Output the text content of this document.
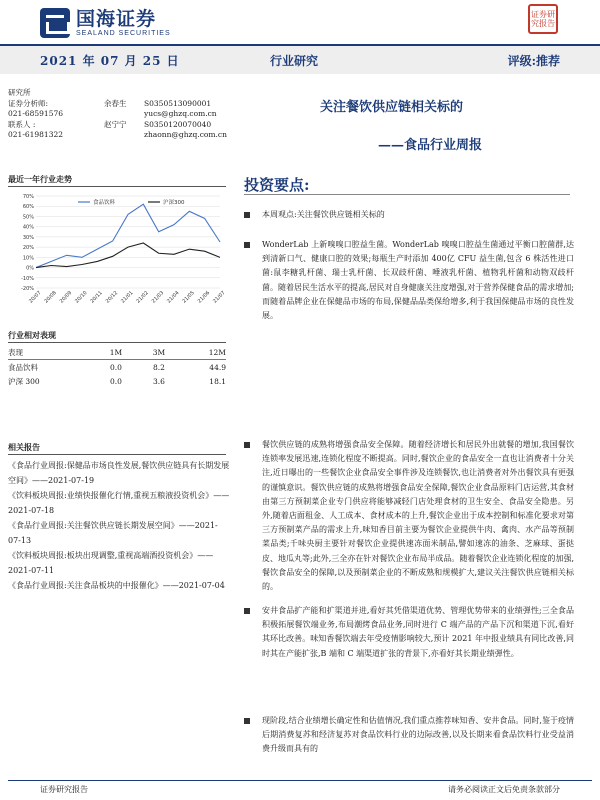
国海证券
SEALAND SECURITIES
证券研究报告
2021 年 07 月 25 日	行业研究	评级:推荐
研究所
证券分析师:	余春生	S0350513090001
021-68591576	yucs@ghzq.com.cn
联系人 :	赵宁宁	S0350120070040
021-61981322	zhaonn@ghzq.com.cn
关注餐饮供应链相关标的
——食品行业周报
最近一年行业走势
70%
60%
50%
40%
30%
20%
10%
0%
-10%
-20%
20/07 20/08 20/09 20/10 20/11 20/12 21/01 21/02 21/03 21/04 21/05 21/06 21/07
食品饮料	沪深300
行业相对表现
表现	1M	3M	12M
食品饮料	0.0	8.2	44.9
沪深 300	0.0	3.6	18.1
相关报告
《食品行业周报:保健品市场良性发展,餐饮供应链具有长期发展空间》——2021-07-19
《饮料板块周报:业绩快报催化行情,重视五粮液投资机会》——2021-07-18
《食品行业周报:关注餐饮供应链长期发展空间》——2021-07-13
《饮料板块周报:板块出现调整,重视高端酒投资机会》——2021-07-11
《食品行业周报:关注食品板块的中报催化》——2021-07-04
投资要点:
本周观点:关注餐饮供应链相关标的
WonderLab 上新嗅嗅口腔益生菌。WonderLab 嗅嗅口腔益生菌通过平衡口腔菌群,达到清新口气、健康口腔的效果;每瓶生产时添加 400亿 CFU 益生菌,包含 6 株活性进口菌:鼠李糖乳杆菌、瑞士乳杆菌、长双歧杆菌、唾液乳杆菌、植物乳杆菌和动物双歧杆菌。随着居民生活水平的提高,居民对自身健康关注度增强,对于营养保健食品的需求增加;而随着品牌企业在保健品市场的布局,保健品品类保给增多,利于我国保健品市场的良性发展。
餐饮供应链的成熟将增强食品安全保障。随着经济增长和居民外出就餐的增加,我国餐饮连锁率发展迅速,连锁化程度不断提高。同时,餐饮企业的食品安全一直也让消费者十分关注,近日曝出的一些餐饮企业食品安全事件涉及连锁餐饮,也让消费者对外出餐饮具有更强的谨慎意识。餐饮供应链的成熟将增强食品安全保障,餐饮企业食品原料门店运营,其食材由第三方预制菜企业专门供应将能够减轻门店处理食材的卫生安全、食品安全隐患。另外,随着店面租金、人工成本、食材成本的上升,餐饮企业出于成本控制和标准化要求对第三方预制菜产品的需求上升,味知香目前主要为餐饮企业提供牛肉、禽肉、水产品等预制菜品类;千味央厨主要针对餐饮企业提供速冻面米制品,譬如速冻的油条、芝麻球、蛋挞皮、地瓜丸等;此外,三全亦在针对餐饮企业布局半成品。随着餐饮企业连锁化程度的加强,餐饮食品安全的保障,以及预制菜企业的不断成熟和规模扩大,建议关注餐饮供应链相关标的。
安井食品扩产能和扩渠道并进,看好其凭借渠道优势、管理优势带来的业绩弹性;三全食品积极拓展餐饮端业务,布局潮烤食品业务,同时进行 C 端产品的产品下沉和渠道下沉,看好其环比改善。味知香餐饮端去年受疫情影响较大,预计 2021 年中报业绩具有同比改善,同时其在产能扩张,B 端和 C 端渠道扩张的背景下,亦看好其长期业绩弹性。
现阶段,结合业绩增长确定性和估值情况,我们重点推荐味知香、安井食品。同时,鉴于疫情后期消费复苏和经济复苏对食品饮料行业的边际改善,以及长期来看食品饮料行业受益消费升级而具有的
证券研究报告	请务必阅读正文后免责条款部分
